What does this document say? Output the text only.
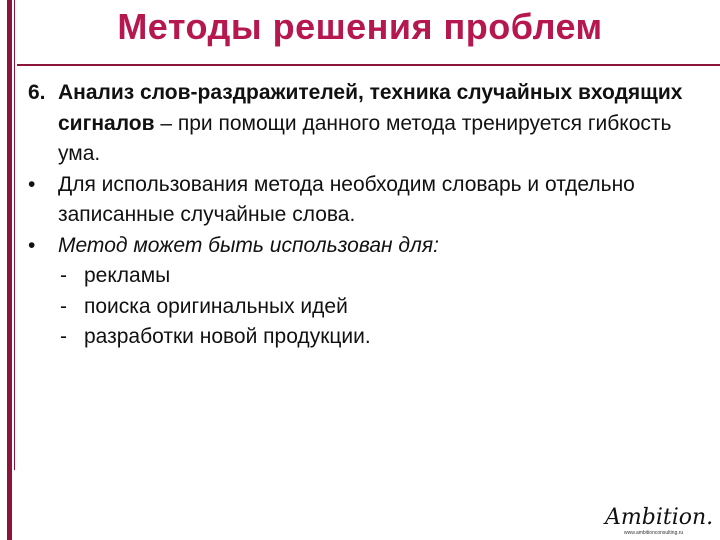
Методы решения проблем
6. Анализ слов-раздражителей, техника случайных входящих сигналов – при помощи данного метода тренируется гибкость ума.
• Для использования метода необходим словарь и отдельно записанные случайные слова.
• Метод может быть использован для:
- рекламы
- поиска оригинальных идей
- разработки новой продукции.
Ambition.
www.ambitionconsulting.ru
